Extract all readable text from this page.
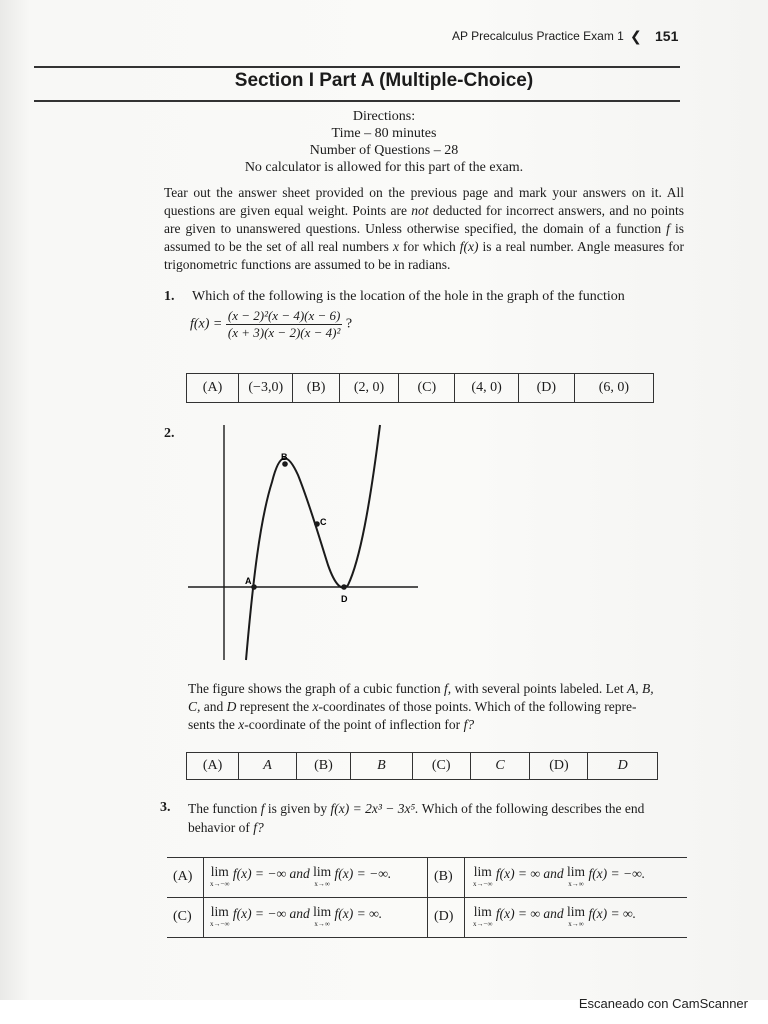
AP Precalculus Practice Exam 1 ❮ 151
Section I Part A (Multiple-Choice)
Directions:
Time – 80 minutes
Number of Questions – 28
No calculator is allowed for this part of the exam.
Tear out the answer sheet provided on the previous page and mark your answers on it. All questions are given equal weight. Points are not deducted for incorrect answers, and no points are given to unanswered questions. Unless otherwise specified, the domain of a function f is assumed to be the set of all real numbers x for which f(x) is a real number. Angle measures for trigonometric functions are assumed to be in radians.
1. Which of the following is the location of the hole in the graph of the function
$f(x) = \frac{\text{(x − 2)²(x − 4)(x − 6)}}{\text{(x + 3)(x − 2)(x − 4)²}}$ ?
(A)	(−3,0)	(B)	(2, 0)	(C)	(4, 0)	(D)	(6, 0)
2.
B
C
A
D
The figure shows the graph of a cubic function f, with several points labeled. Let A, B,
C, and D represent the x-coordinates of those points. Which of the following repre-
sents the x-coordinate of the point of inflection for f?
(A)	A	(B)	B	(C)	C	(D)	D
3. The function f is given by f(x) = 2x³ − 3x⁵. Which of the following describes the end
behavior of f?
(A) lim
x→−∞
f(x) = −∞ and lim
x→∞
f(x) = −∞.	(B) lim
x→−∞
f(x) = ∞ and lim
x→∞
f(x) = −∞.
(C) lim
x→−∞
f(x) = −∞ and lim
x→∞
f(x) = ∞.	(D) lim
x→−∞
f(x) = ∞ and lim
x→∞
f(x) = ∞.
Escaneado con CamScanner
